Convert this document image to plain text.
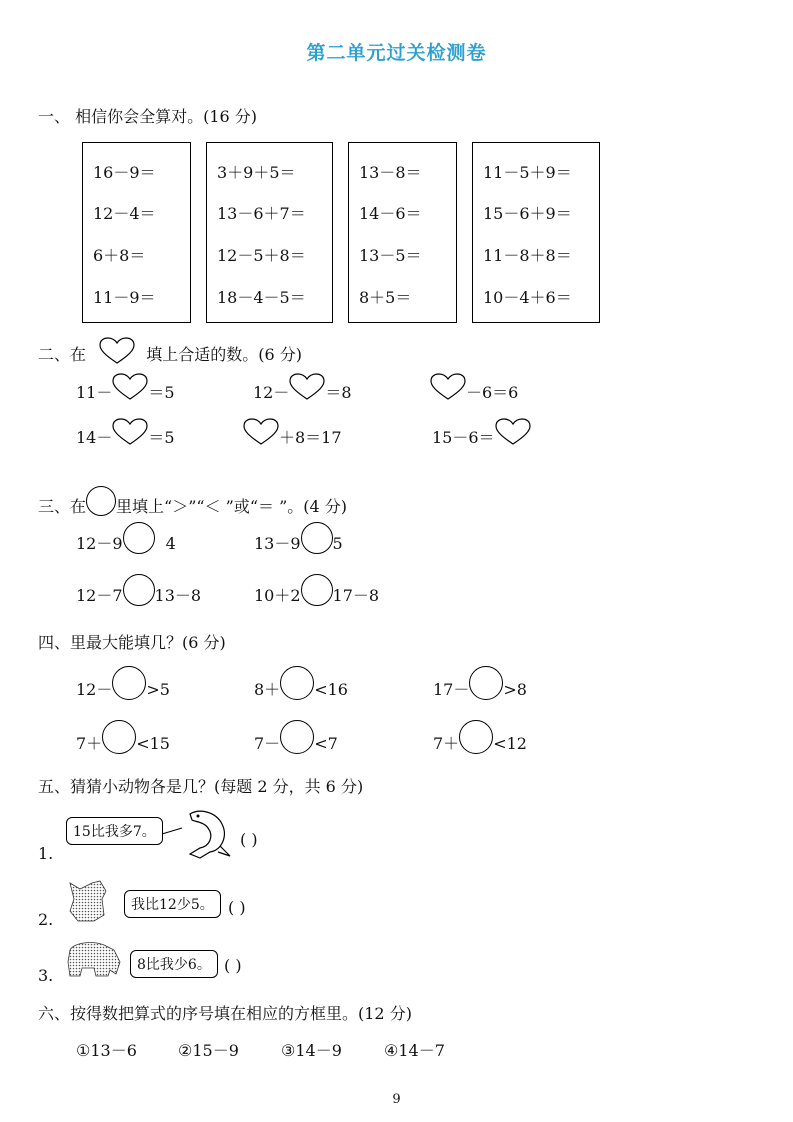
第二单元过关检测卷
一、 相信你会全算对。(16 分)
16－9＝
12－4＝
6＋8＝
11－9＝
3＋9＋5＝
13－6＋7＝
12－5＋8＝
18－4－5＝
13－8＝
14－6＝
13－5＝
8＋5＝
11－5＋9＝
15－6＋9＝
11－8＋8＝
10－4＋6＝
二、在	填上合适的数。(6 分)
11－ ＝5	12－ ＝8	－6＝6
14－ ＝5	＋8＝17	15－6＝
三、在 里填上“＞”“＜ ”或“＝ ”。(4 分)
12－9 4	13－9 5
12－7 13－8	10＋2 17－8
四、里最大能填几？(6 分)
12－ >5	8＋ <16	17－ >8
7＋ <15	7－ <7	7＋ <12
五、猜猜小动物各是几？(每题 2 分，共 6 分)
1.
15比我多7。	( )
2.
我比12少5。 ( )
3.
8比我少6。 ( )
六、按得数把算式的序号填在相应的方框里。(12 分)
①13－6	②15－9	③14－9	④14－7
9
